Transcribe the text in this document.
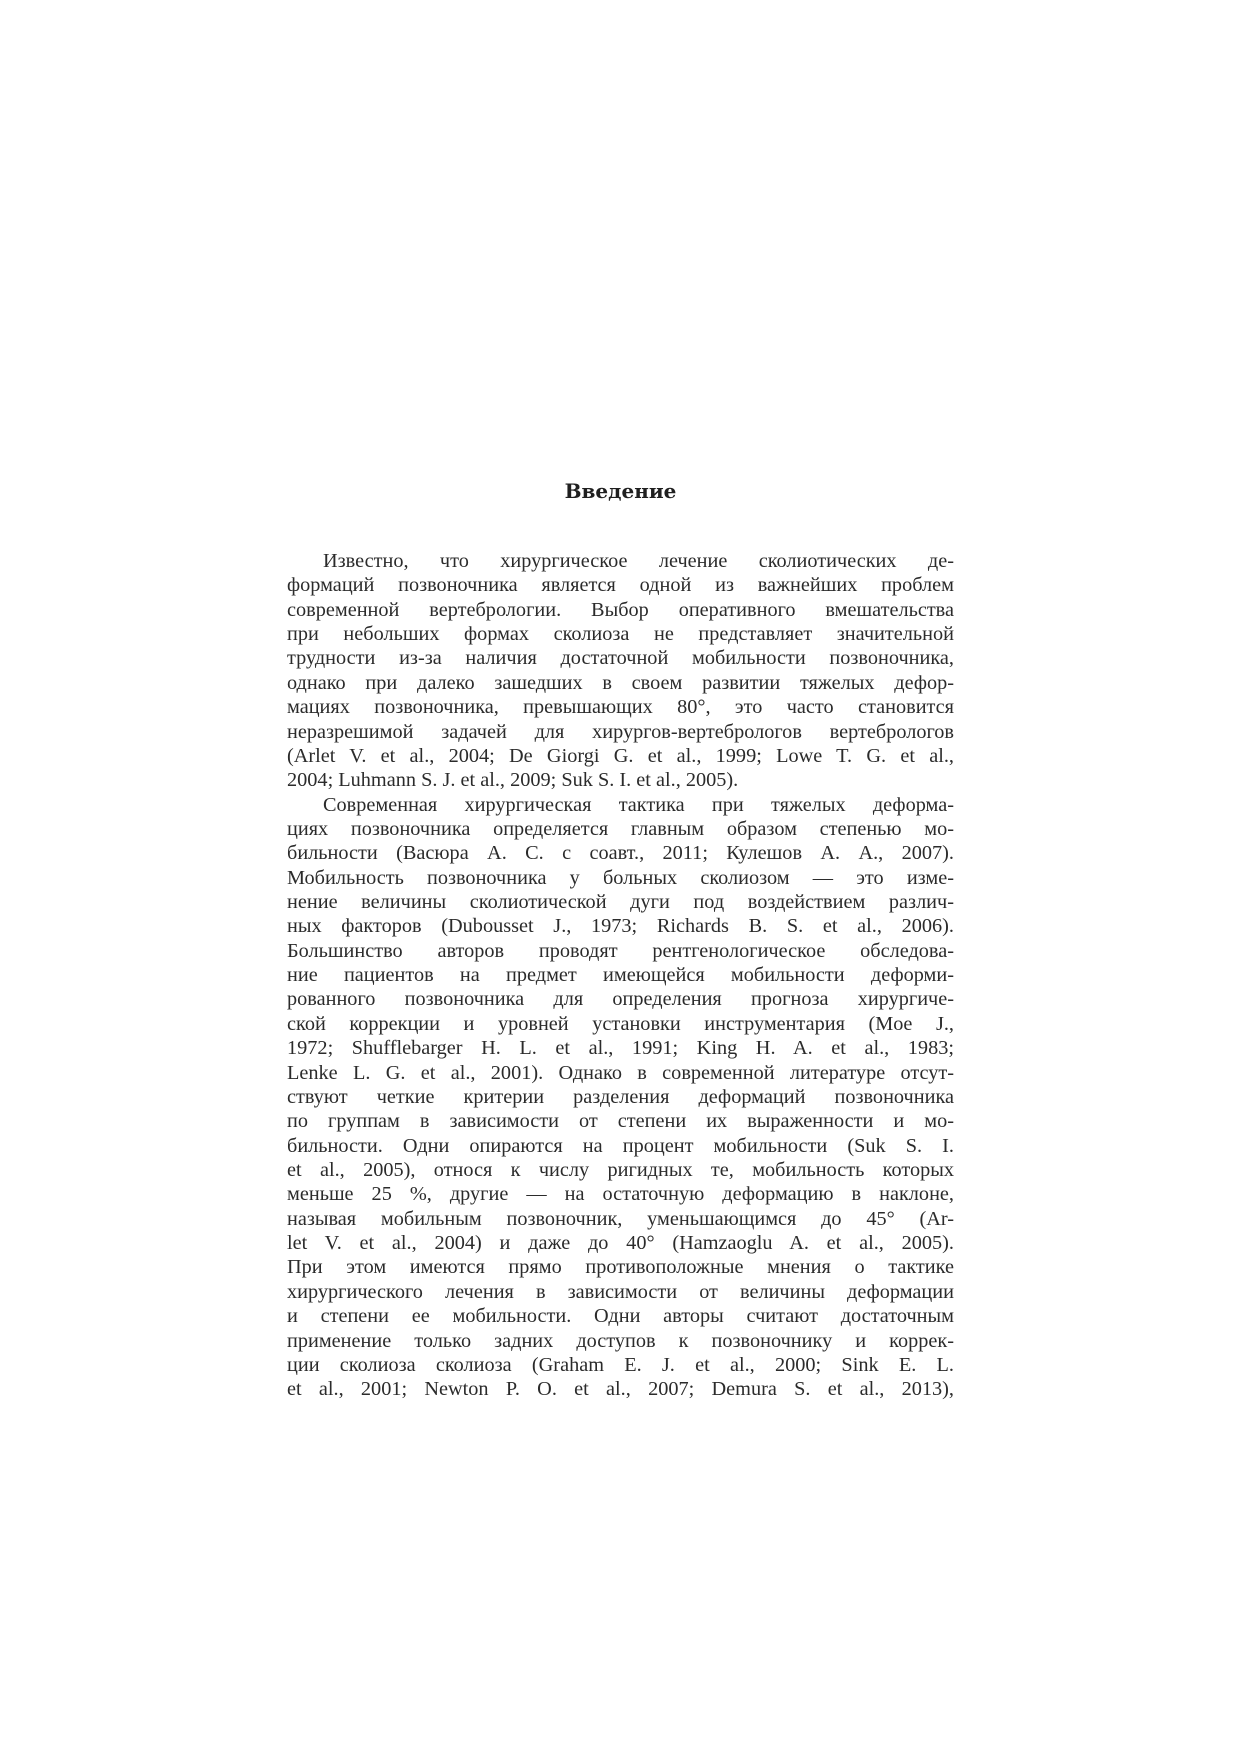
Введение
Известно, что хирургическое лечение сколиотических де-
формаций позвоночника является одной из важнейших проблем
современной вертебрологии. Выбор оперативного вмешательства
при небольших формах сколиоза не представляет значительной
трудности из-за наличия достаточной мобильности позвоночника,
однако при далеко зашедших в своем развитии тяжелых дефор-
мациях позвоночника, превышающих 80°, это часто становится
неразрешимой задачей для хирургов-вертебрологов вертебрологов
(Arlet V. et al., 2004; De Giorgi G. et al., 1999; Lowe T. G. et al.,
2004; Luhmann S. J. et al., 2009; Suk S. I. et al., 2005).
Современная хирургическая тактика при тяжелых деформа-
циях позвоночника определяется главным образом степенью мо-
бильности (Васюра А. С. с соавт., 2011; Кулешов А. А., 2007).
Мобильность позвоночника у больных сколиозом — это изме-
нение величины сколиотической дуги под воздействием различ-
ных факторов (Dubousset J., 1973; Richards B. S. et al., 2006).
Большинство авторов проводят рентгенологическое обследова-
ние пациентов на предмет имеющейся мобильности деформи-
рованного позвоночника для определения прогноза хирургиче-
ской коррекции и уровней установки инструментария (Moe J.,
1972; Shufflebarger H. L. et al., 1991; King H. A. et al., 1983;
Lenke L. G. et al., 2001). Однако в современной литературе отсут-
ствуют четкие критерии разделения деформаций позвоночника
по группам в зависимости от степени их выраженности и мо-
бильности. Одни опираются на процент мобильности (Suk S. I.
et al., 2005), относя к числу ригидных те, мобильность которых
меньше 25 %, другие — на остаточную деформацию в наклоне,
называя мобильным позвоночник, уменьшающимся до 45° (Ar-
let V. et al., 2004) и даже до 40° (Hamzaoglu A. et al., 2005).
При этом имеются прямо противоположные мнения о тактике
хирургического лечения в зависимости от величины деформации
и степени ее мобильности. Одни авторы считают достаточным
применение только задних доступов к позвоночнику и коррек-
ции сколиоза сколиоза (Graham E. J. et al., 2000; Sink E. L.
et al., 2001; Newton P. O. et al., 2007; Demura S. et al., 2013),
